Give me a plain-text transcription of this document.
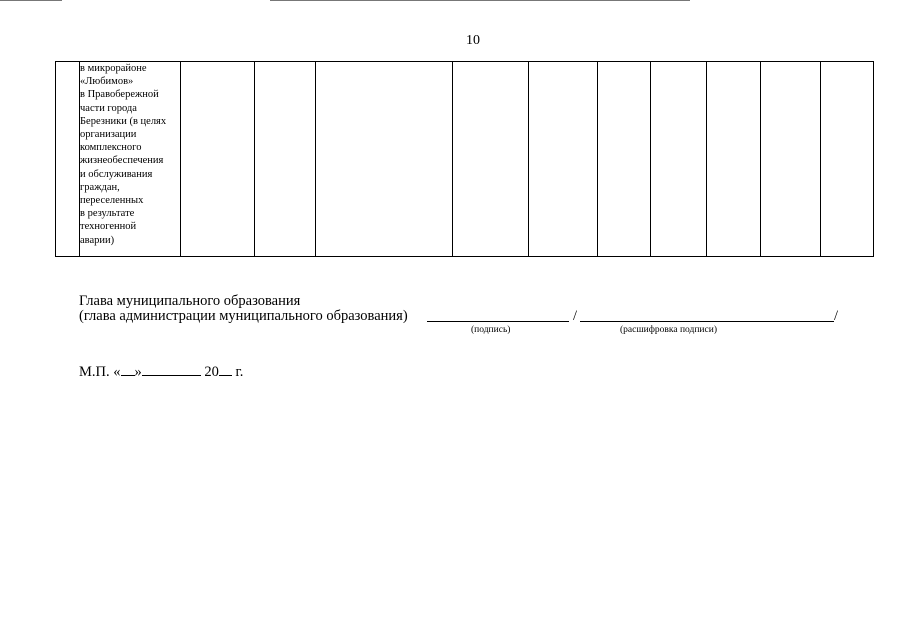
10

в микрорайоне
«Любимов»
в Правобережной
части города
Березники (в целях
организации
комплексного
жизнеобеспечения
и обслуживания
граждан,
переселенных
в результате
техногенной
аварии)

Глава муниципального образования
(глава администрации муниципального образования)	/	/
(подпись)	(расшифровка подписи)
М.П. « »	20 г.
